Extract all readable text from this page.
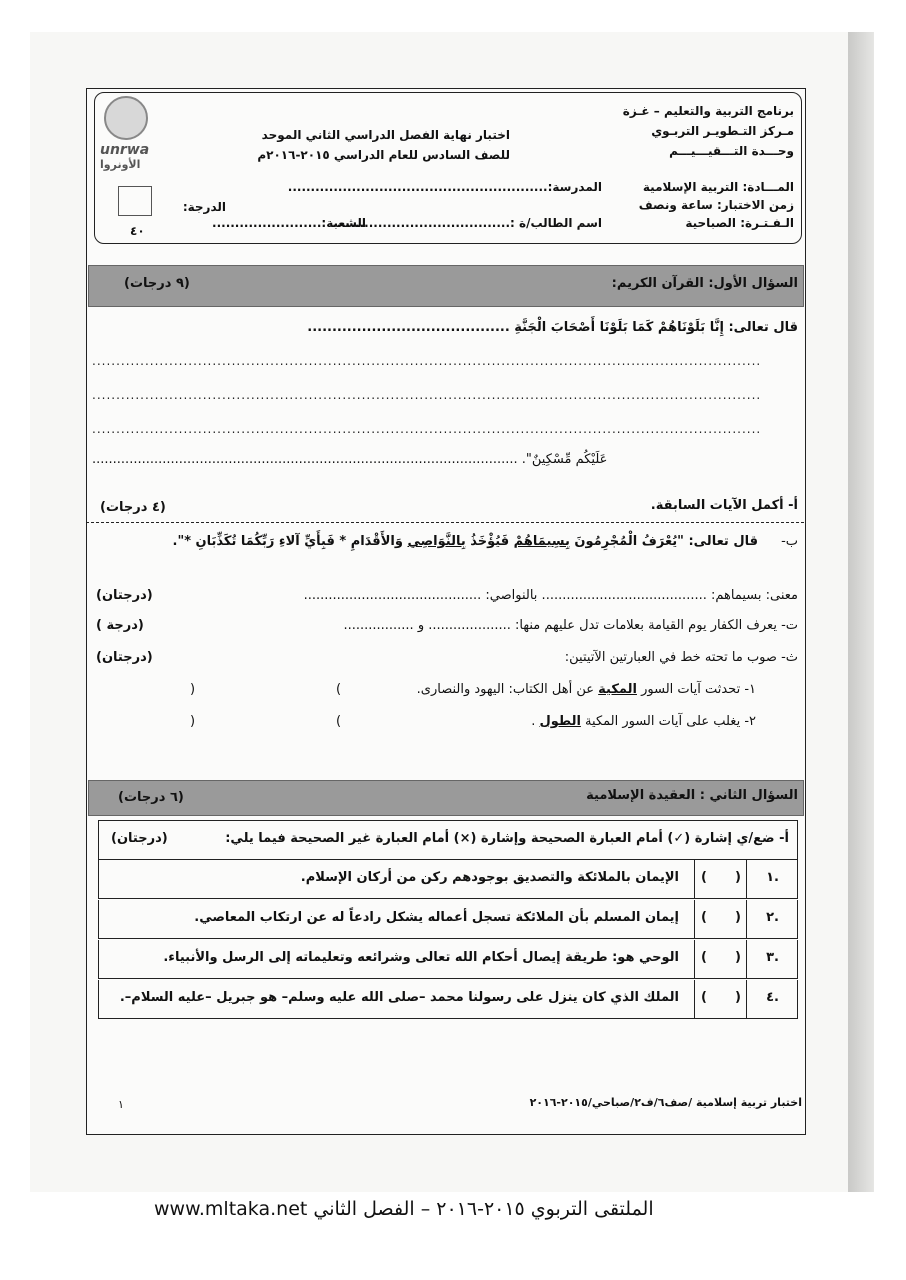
unrwa
الأونروا
٤٠
برنامج التربية والتعليم – غـزة
مـركز التـطويـر التربـوي
وحـــدة التـــقيـــيـــم
اختبار نهاية الفصل الدراسي الثاني الموحد
للصف السادس للعام الدراسي ٢٠١٥-٢٠١٦م
المـــادة: التربية الإسلامية
المدرسة:.........................................................
الدرجة:	زمن الاختبار: ساعة ونصف
الـفـتـرة: الصباحية
اسم الطالب/ة :.......................................
الشعبة:........................
السؤال الأول: القرآن الكريم:
(٩ درجات)
قال تعالى: إِنَّا بَلَوْنَاهُمْ كَمَا بَلَوْنَا أَصْحَابَ الْجَنَّةِ .........................................
...........................................................................................................................................
...........................................................................................................................................
...........................................................................................................................................
عَلَيْكُم مِّسْكِينٌ". .......................................................................................................
أ- أكمل الآيات السابقة.
(٤ درجات)
ب-
قال تعالى: "يُعْرَفُ الْمُجْرِمُونَ بِسِيمَاهُمْ فَيُؤْخَذُ بِالنَّوَاصِي وَالأَقْدَامِ * فَبِأَيِّ آلاءِ رَبِّكُمَا تُكَذِّبَانِ *".
معنى: بسيماهم: ........................................ بالنواصي: ...........................................
(درجتان)
ت- يعرف الكفار يوم القيامة بعلامات تدل عليهم منها: .................... و .................
(درجة )
ث- صوب ما تحته خط في العبارتين الآتيتين:
(درجتان)
١- تحدثت آيات السور المكية عن أهل الكتاب: اليهود والنصارى.
(
)
٢- يغلب على آيات السور المكية الطول .
(
)
السؤال الثاني : العقيدة الإسلامية
(٦ درجات)
أ- ضع/ي إشارة (✓) أمام العبارة الصحيحة وإشارة (×) أمام العبارة غير الصحيحة فيما يلي:
(درجتان)
١.
( )
الإيمان بالملائكة والتصديق بوجودهم ركن من أركان الإسلام.
٢.
( )
إيمان المسلم بأن الملائكة تسجل أعماله يشكل رادعاً له عن ارتكاب المعاصي.
٣.
( )
الوحي هو: طريقة إيصال أحكام الله تعالى وشرائعه وتعليماته إلى الرسل والأنبياء.
٤.
( )
الملك الذي كان ينزل على رسولنا محمد –صلى الله عليه وسلم– هو جبريل –عليه السلام–.
اختبار تربية إسلامية /صف٦/ف٢/صباحي/٢٠١٥-٢٠١٦
١
الملتقى التربوي ٢٠١٥-٢٠١٦ – الفصل الثاني www.mltaka.net
